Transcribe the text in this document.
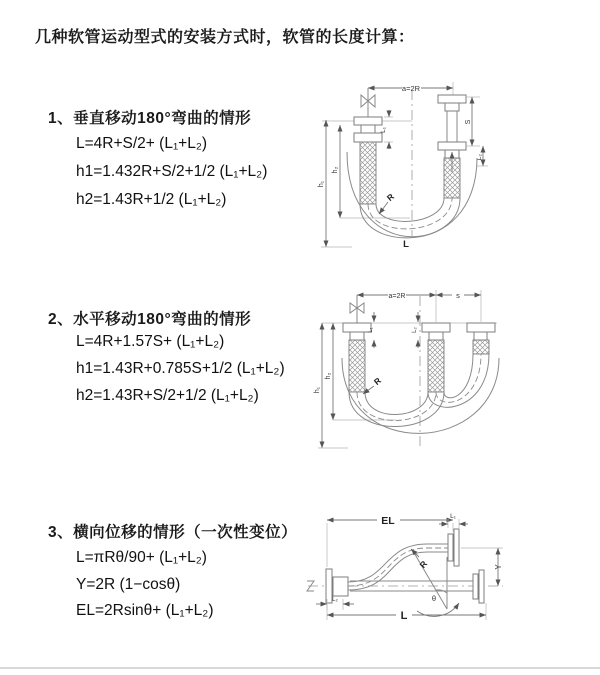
几种软管运动型式的安装方式时，软管的长度计算：
1、垂直移动180°弯曲的情形
L=4R+S/2+ (L₁+L₂)
h1=1.432R+S/2+1/2 (L₁+L₂)
h2=1.43R+1/2 (L₁+L₂)
2、水平移动180°弯曲的情形
L=4R+1.57S+ (L₁+L₂)
h1=1.43R+0.785S+1/2 (L₁+L₂)
h2=1.43R+S/2+1/2 (L₁+L₂)
3、横向位移的情形（一次性变位）
L=πRθ/90+ (L₁+L₂)
Y=2R (1−cosθ)
EL=2Rsinθ+ (L₁+L₂)
a=2R
L₁
S
L₂
h₁
h₂
R
L
a=2R	s
L₁	L₂
h₁
h₂	R
EL	L₁
Y
θ
R
L₂
L
